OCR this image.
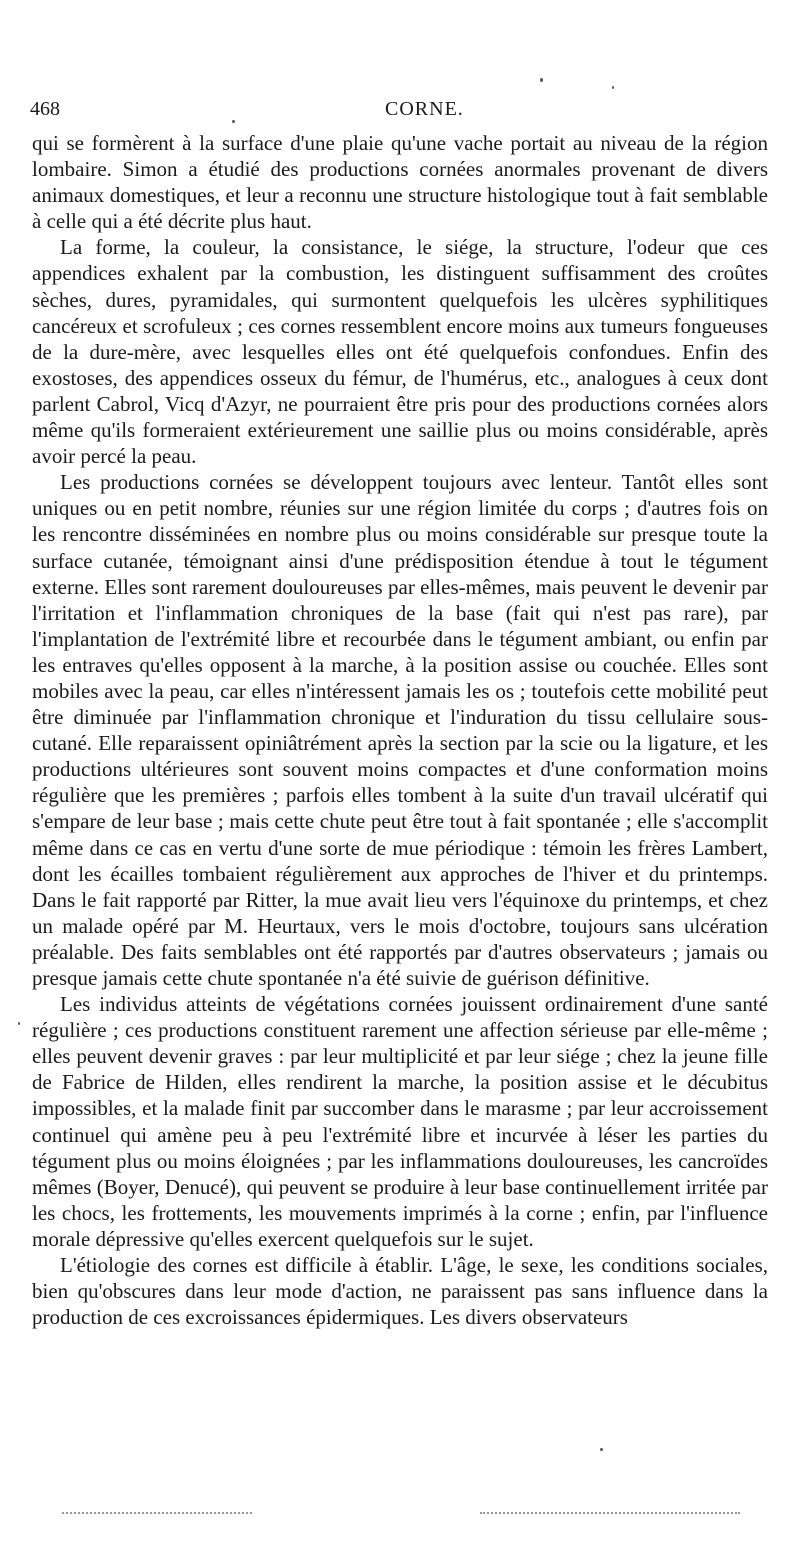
468	CORNE.

qui se formèrent à la surface d'une plaie qu'une vache portait au niveau de la région lombaire. Simon a étudié des productions cornées anormales provenant de divers animaux domestiques, et leur a reconnu une structure histologique tout à fait semblable à celle qui a été décrite plus haut.

La forme, la couleur, la consistance, le siége, la structure, l'odeur que ces appendices exhalent par la combustion, les distinguent suffisamment des croûtes sèches, dures, pyramidales, qui surmontent quelquefois les ulcères syphilitiques cancéreux et scrofuleux ; ces cornes ressemblent encore moins aux tumeurs fongueuses de la dure-mère, avec lesquelles elles ont été quelquefois confondues. Enfin des exostoses, des appendices osseux du fémur, de l'humérus, etc., analogues à ceux dont parlent Cabrol, Vicq d'Azyr, ne pourraient être pris pour des productions cornées alors même qu'ils formeraient extérieurement une saillie plus ou moins considérable, après avoir percé la peau.

Les productions cornées se développent toujours avec lenteur. Tantôt elles sont uniques ou en petit nombre, réunies sur une région limitée du corps ; d'autres fois on les rencontre disséminées en nombre plus ou moins considérable sur presque toute la surface cutanée, témoignant ainsi d'une prédisposition étendue à tout le tégument externe. Elles sont rarement douloureuses par elles-mêmes, mais peuvent le devenir par l'irritation et l'inflammation chroniques de la base (fait qui n'est pas rare), par l'implantation de l'extrémité libre et recourbée dans le tégument ambiant, ou enfin par les entraves qu'elles opposent à la marche, à la position assise ou couchée. Elles sont mobiles avec la peau, car elles n'intéressent jamais les os ; toutefois cette mobilité peut être diminuée par l'inflammation chronique et l'induration du tissu cellulaire sous-cutané. Elle reparaissent opiniâtrément après la section par la scie ou la ligature, et les productions ultérieures sont souvent moins compactes et d'une conformation moins régulière que les premières ; parfois elles tombent à la suite d'un travail ulcératif qui s'empare de leur base ; mais cette chute peut être tout à fait spontanée ; elle s'accomplit même dans ce cas en vertu d'une sorte de mue périodique : témoin les frères Lambert, dont les écailles tombaient régulièrement aux approches de l'hiver et du printemps. Dans le fait rapporté par Ritter, la mue avait lieu vers l'équinoxe du printemps, et chez un malade opéré par M. Heurtaux, vers le mois d'octobre, toujours sans ulcération préalable. Des faits semblables ont été rapportés par d'autres observateurs ; jamais ou presque jamais cette chute spontanée n'a été suivie de guérison définitive.

Les individus atteints de végétations cornées jouissent ordinairement d'une santé régulière ; ces productions constituent rarement une affection sérieuse par elle-même ; elles peuvent devenir graves : par leur multiplicité et par leur siége ; chez la jeune fille de Fabrice de Hilden, elles rendirent la marche, la position assise et le décubitus impossibles, et la malade finit par succomber dans le marasme ; par leur accroissement continuel qui amène peu à peu l'extrémité libre et incurvée à léser les parties du tégument plus ou moins éloignées ; par les inflammations douloureuses, les cancroïdes mêmes (Boyer, Denucé), qui peuvent se produire à leur base continuellement irritée par les chocs, les frottements, les mouvements imprimés à la corne ; enfin, par l'influence morale dépressive qu'elles exercent quelquefois sur le sujet.

L'étiologie des cornes est difficile à établir. L'âge, le sexe, les conditions sociales, bien qu'obscures dans leur mode d'action, ne paraissent pas sans influence dans la production de ces excroissances épidermiques. Les divers observateurs
